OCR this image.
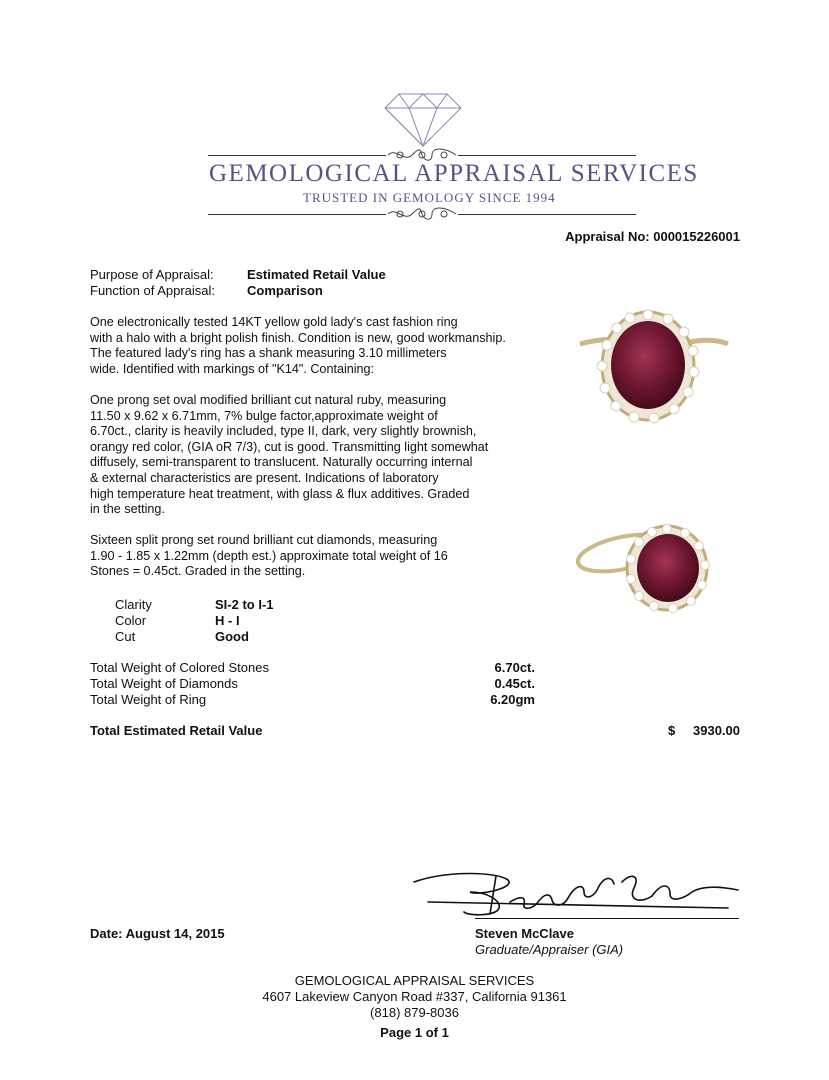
GEMOLOGICAL APPRAISAL SERVICES
TRUSTED IN GEMOLOGY SINCE 1994
Appraisal No: 000015226001
Purpose of Appraisal:	Estimated Retail Value
Function of Appraisal: Comparison
One electronically tested 14KT yellow gold lady's cast fashion ring
with a halo with a bright polish finish. Condition is new, good workmanship.
The featured lady's ring has a shank measuring 3.10 millimeters
wide. Identified with markings of "K14". Containing:
One prong set oval modified brilliant cut natural ruby, measuring
11.50 x 9.62 x 6.71mm, 7% bulge factor,approximate weight of
6.70ct., clarity is heavily included, type II, dark, very slightly brownish,
orangy red color, (GIA oR 7/3), cut is good. Transmitting light somewhat
diffusely, semi-transparent to translucent. Naturally occurring internal
& external characteristics are present. Indications of laboratory
high temperature heat treatment, with glass & flux additives. Graded
in the setting.
Sixteen split prong set round brilliant cut diamonds, measuring
1.90 - 1.85 x 1.22mm (depth est.) approximate total weight of 16
Stones = 0.45ct. Graded in the setting.
Clarity	SI-2 to I-1
Color	H - I
Cut	Good
Total Weight of Colored Stones	6.70ct.
Total Weight of Diamonds	0.45ct.
Total Weight of Ring	6.20gm
Total Estimated Retail Value	$ 3930.00
Date: August 14, 2015	Steven McClave
Graduate/Appraiser (GIA)
GEMOLOGICAL APPRAISAL SERVICES
4607 Lakeview Canyon Road #337, California 91361
(818) 879-8036
Page 1 of 1
